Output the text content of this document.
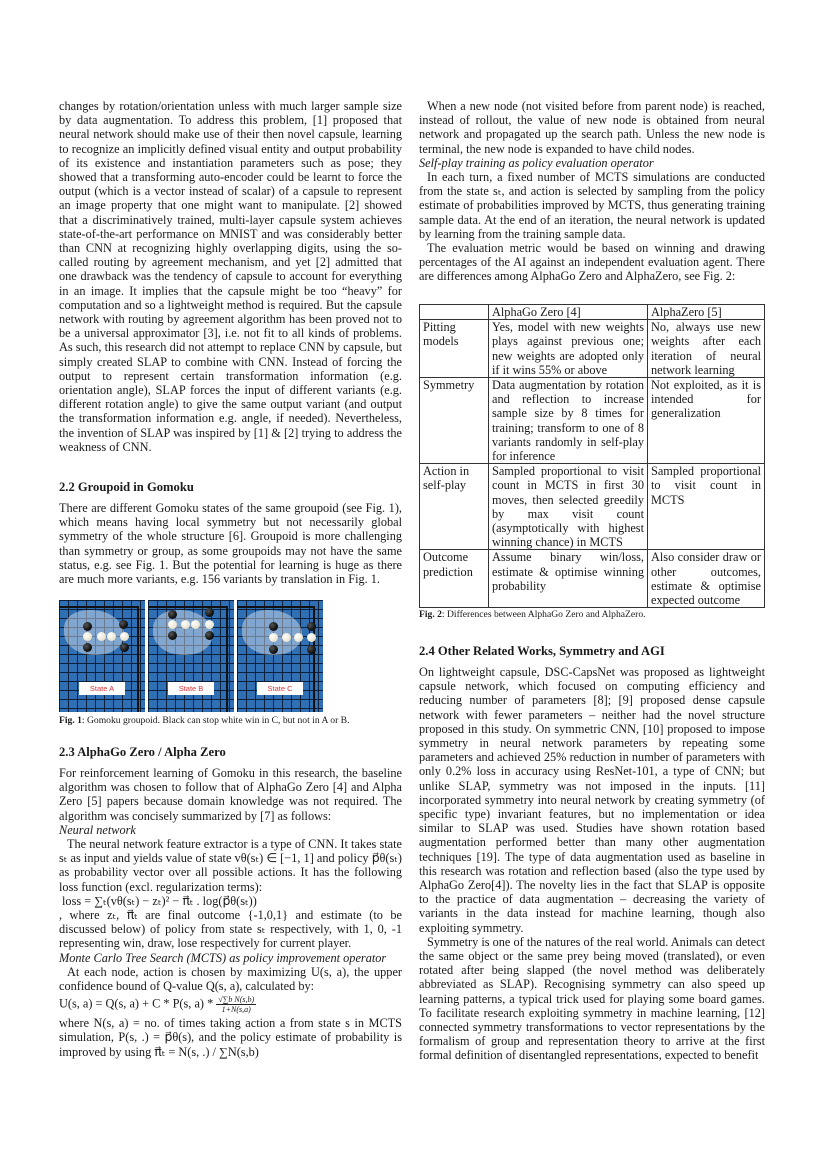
changes by rotation/orientation unless with much larger sample size by data augmentation. To address this problem, [1] proposed that neural network should make use of their then novel capsule, learning to recognize an implicitly defined visual entity and output probability of its existence and instantiation parameters such as pose; they showed that a transforming auto-encoder could be learnt to force the output (which is a vector instead of scalar) of a capsule to represent an image property that one might want to manipulate. [2] showed that a discriminatively trained, multi-layer capsule system achieves state-of-the-art performance on MNIST and was considerably better than CNN at recognizing highly overlapping digits, using the so-called routing by agreement mechanism, and yet [2] admitted that one drawback was the tendency of capsule to account for everything in an image. It implies that the capsule might be too “heavy” for computation and so a lightweight method is required. But the capsule network with routing by agreement algorithm has been proved not to be a universal approximator [3], i.e. not fit to all kinds of problems. As such, this research did not attempt to replace CNN by capsule, but simply created SLAP to combine with CNN. Instead of forcing the output to represent certain transformation information (e.g. orientation angle), SLAP forces the input of different variants (e.g. different rotation angle) to give the same output variant (and output the transformation information e.g. angle, if needed). Nevertheless, the invention of SLAP was inspired by [1] & [2] trying to address the weakness of CNN.

2.2 Groupoid in Gomoku

There are different Gomoku states of the same groupoid (see Fig. 1), which means having local symmetry but not necessarily global symmetry of the whole structure [6]. Groupoid is more challenging than symmetry or group, as some groupoids may not have the same status, e.g. see Fig. 1. But the potential for learning is huge as there are much more variants, e.g. 156 variants by translation in Fig. 1.

State A	State B	State C
Fig. 1: Gomoku groupoid. Black can stop white win in C, but not in A or B.
2.3 AlphaGo Zero / Alpha Zero

For reinforcement learning of Gomoku in this research, the baseline algorithm was chosen to follow that of AlphaGo Zero [4] and Alpha Zero [5] papers because domain knowledge was not required. The algorithm was concisely summarized by [7] as follows:

Neural network

The neural network feature extractor is a type of CNN. It takes state sₜ as input and yields value of state vθ(sₜ) ∈ [−1, 1] and policy p⃗θ(sₜ) as probability vector over all possible actions. It has the following loss function (excl. regularization terms):

loss = ∑ₜ(vθ(sₜ) − zₜ)² − π⃗ₜ . log(p⃗θ(sₜ))

, where zₜ, π⃗ₜ are final outcome {-1,0,1} and estimate (to be discussed below) of policy from state sₜ respectively, with 1, 0, -1 representing win, draw, lose respectively for current player.

Monte Carlo Tree Search (MCTS) as policy improvement operator

At each node, action is chosen by maximizing U(s, a), the upper confidence bound of Q-value Q(s, a), calculated by:

U(s, a) = Q(s, a) + C * P(s, $a) * \frac{\text{√∑b N(s,b)}}{1+N(s,a)}$

where N(s, a) = no. of times taking action a from state s in MCTS simulation, P(s, .) = p⃗θ(s), and the policy estimate of probability is improved by using π⃗ₜ = N(s, .) / ∑N(s,b)

When a new node (not visited before from parent node) is reached, instead of rollout, the value of new node is obtained from neural network and propagated up the search path. Unless the new node is terminal, the new node is expanded to have child nodes.

Self-play training as policy evaluation operator

In each turn, a fixed number of MCTS simulations are conducted from the state sₜ, and action is selected by sampling from the policy estimate of probabilities improved by MCTS, thus generating training sample data. At the end of an iteration, the neural network is updated by learning from the training sample data.

The evaluation metric would be based on winning and drawing percentages of the AI against an independent evaluation agent. There are differences among AlphaGo Zero and AlphaZero, see Fig. 2:

	AlphaGo Zero [4]	AlphaZero [5]
Pitting models	Yes, model with new weights plays against previous one; new weights are adopted only if it wins 55% or above	No, always use new weights after each iteration of neural network learning
Symmetry	Data augmentation by rotation and reflection to increase sample size by 8 times for training; transform to one of 8 variants randomly in self-play for inference	Not exploited, as it is intended for generalization
Action in self-play	Sampled proportional to visit count in MCTS in first 30 moves, then selected greedily by max visit count (asymptotically with highest winning chance) in MCTS	Sampled proportional to visit count in MCTS
Outcome prediction	Assume binary win/loss, estimate & optimise winning probability	Also consider draw or other outcomes, estimate & optimise expected outcome
Fig. 2: Differences between AlphaGo Zero and AlphaZero.
2.4 Other Related Works, Symmetry and AGI

On lightweight capsule, DSC-CapsNet was proposed as lightweight capsule network, which focused on computing efficiency and reducing number of parameters [8]; [9] proposed dense capsule network with fewer parameters – neither had the novel structure proposed in this study. On symmetric CNN, [10] proposed to impose symmetry in neural network parameters by repeating some parameters and achieved 25% reduction in number of parameters with only 0.2% loss in accuracy using ResNet-101, a type of CNN; but unlike SLAP, symmetry was not imposed in the inputs. [11] incorporated symmetry into neural network by creating symmetry (of specific type) invariant features, but no implementation or idea similar to SLAP was used. Studies have shown rotation based augmentation performed better than many other augmentation techniques [19]. The type of data augmentation used as baseline in this research was rotation and reflection based (also the type used by AlphaGo Zero[4]). The novelty lies in the fact that SLAP is opposite to the practice of data augmentation – decreasing the variety of variants in the data instead for machine learning, though also exploiting symmetry.

Symmetry is one of the natures of the real world. Animals can detect the same object or the same prey being moved (translated), or even rotated after being slapped (the novel method was deliberately abbreviated as SLAP). Recognising symmetry can also speed up learning patterns, a typical trick used for playing some board games. To facilitate research exploiting symmetry in machine learning, [12] connected symmetry transformations to vector representations by the formalism of group and representation theory to arrive at the first formal definition of disentangled representations, expected to benefit
